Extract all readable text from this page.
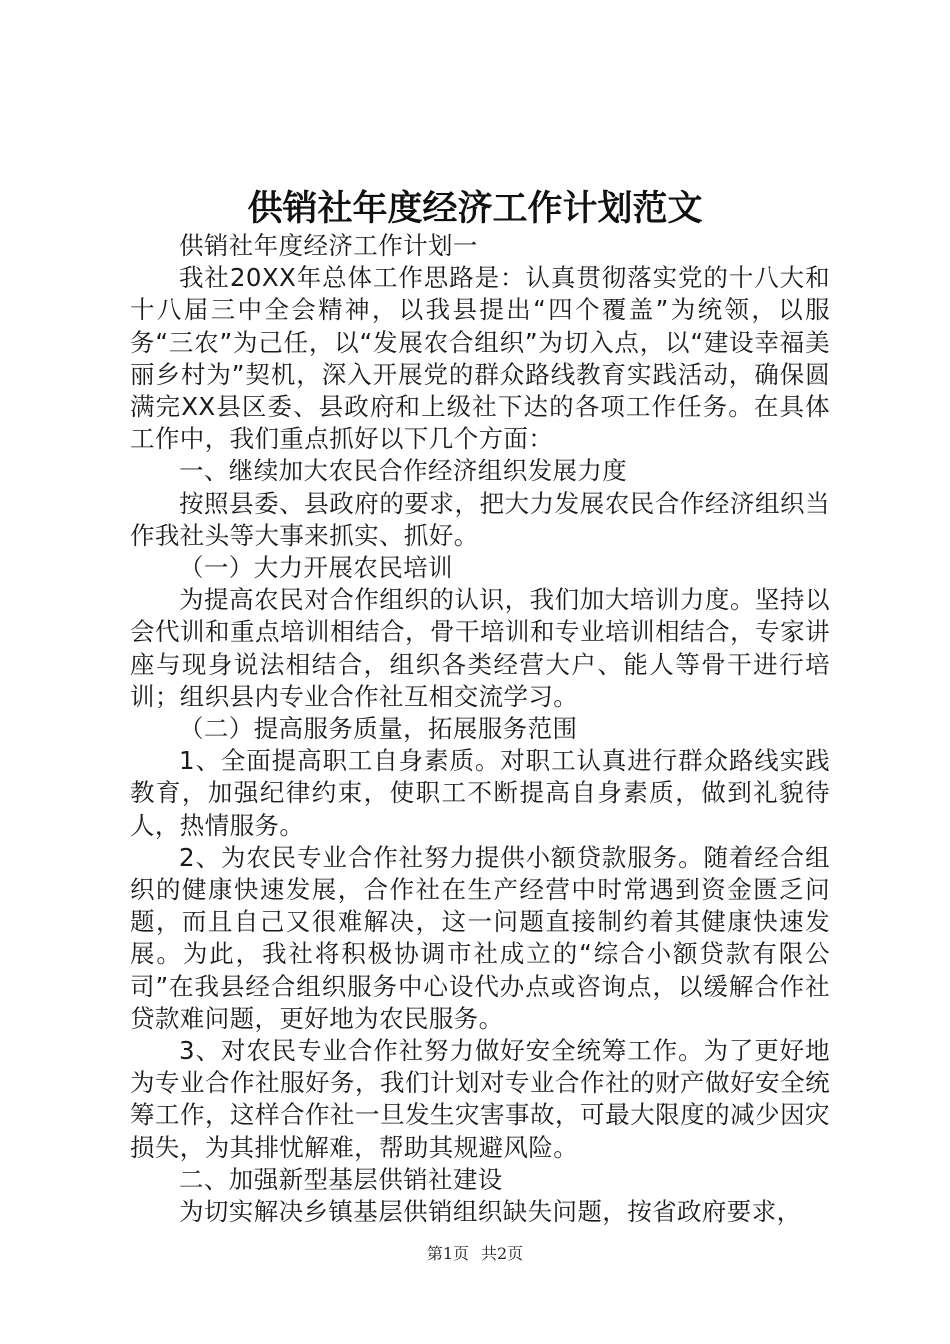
供销社年度经济工作计划范文

供销社年度经济工作计划一

我社20XX年总体工作思路是：认真贯彻落实党的十八大和十八届三中全会精神，以我县提出“四个覆盖”为统领，以服务“三农”为己任，以“发展农合组织”为切入点，以“建设幸福美丽乡村为”契机，深入开展党的群众路线教育实践活动，确保圆满完XX县区委、县政府和上级社下达的各项工作任务。在具体工作中，我们重点抓好以下几个方面：

一、继续加大农民合作经济组织发展力度

按照县委、县政府的要求，把大力发展农民合作经济组织当作我社头等大事来抓实、抓好。

（一）大力开展农民培训

为提高农民对合作组织的认识，我们加大培训力度。坚持以会代训和重点培训相结合，骨干培训和专业培训相结合，专家讲座与现身说法相结合，组织各类经营大户、能人等骨干进行培训；组织县内专业合作社互相交流学习。

（二）提高服务质量，拓展服务范围

1、全面提高职工自身素质。对职工认真进行群众路线实践教育，加强纪律约束，使职工不断提高自身素质，做到礼貌待人，热情服务。

2、为农民专业合作社努力提供小额贷款服务。随着经合组织的健康快速发展，合作社在生产经营中时常遇到资金匮乏问题，而且自己又很难解决，这一问题直接制约着其健康快速发展。为此，我社将积极协调市社成立的“综合小额贷款有限公司”在我县经合组织服务中心设代办点或咨询点，以缓解合作社贷款难问题，更好地为农民服务。

3、对农民专业合作社努力做好安全统筹工作。为了更好地为专业合作社服好务，我们计划对专业合作社的财产做好安全统筹工作，这样合作社一旦发生灾害事故，可最大限度的减少因灾损失，为其排忧解难，帮助其规避风险。

二、加强新型基层供销社建设

为切实解决乡镇基层供销组织缺失问题，按省政府要求，

第1页 共2页
